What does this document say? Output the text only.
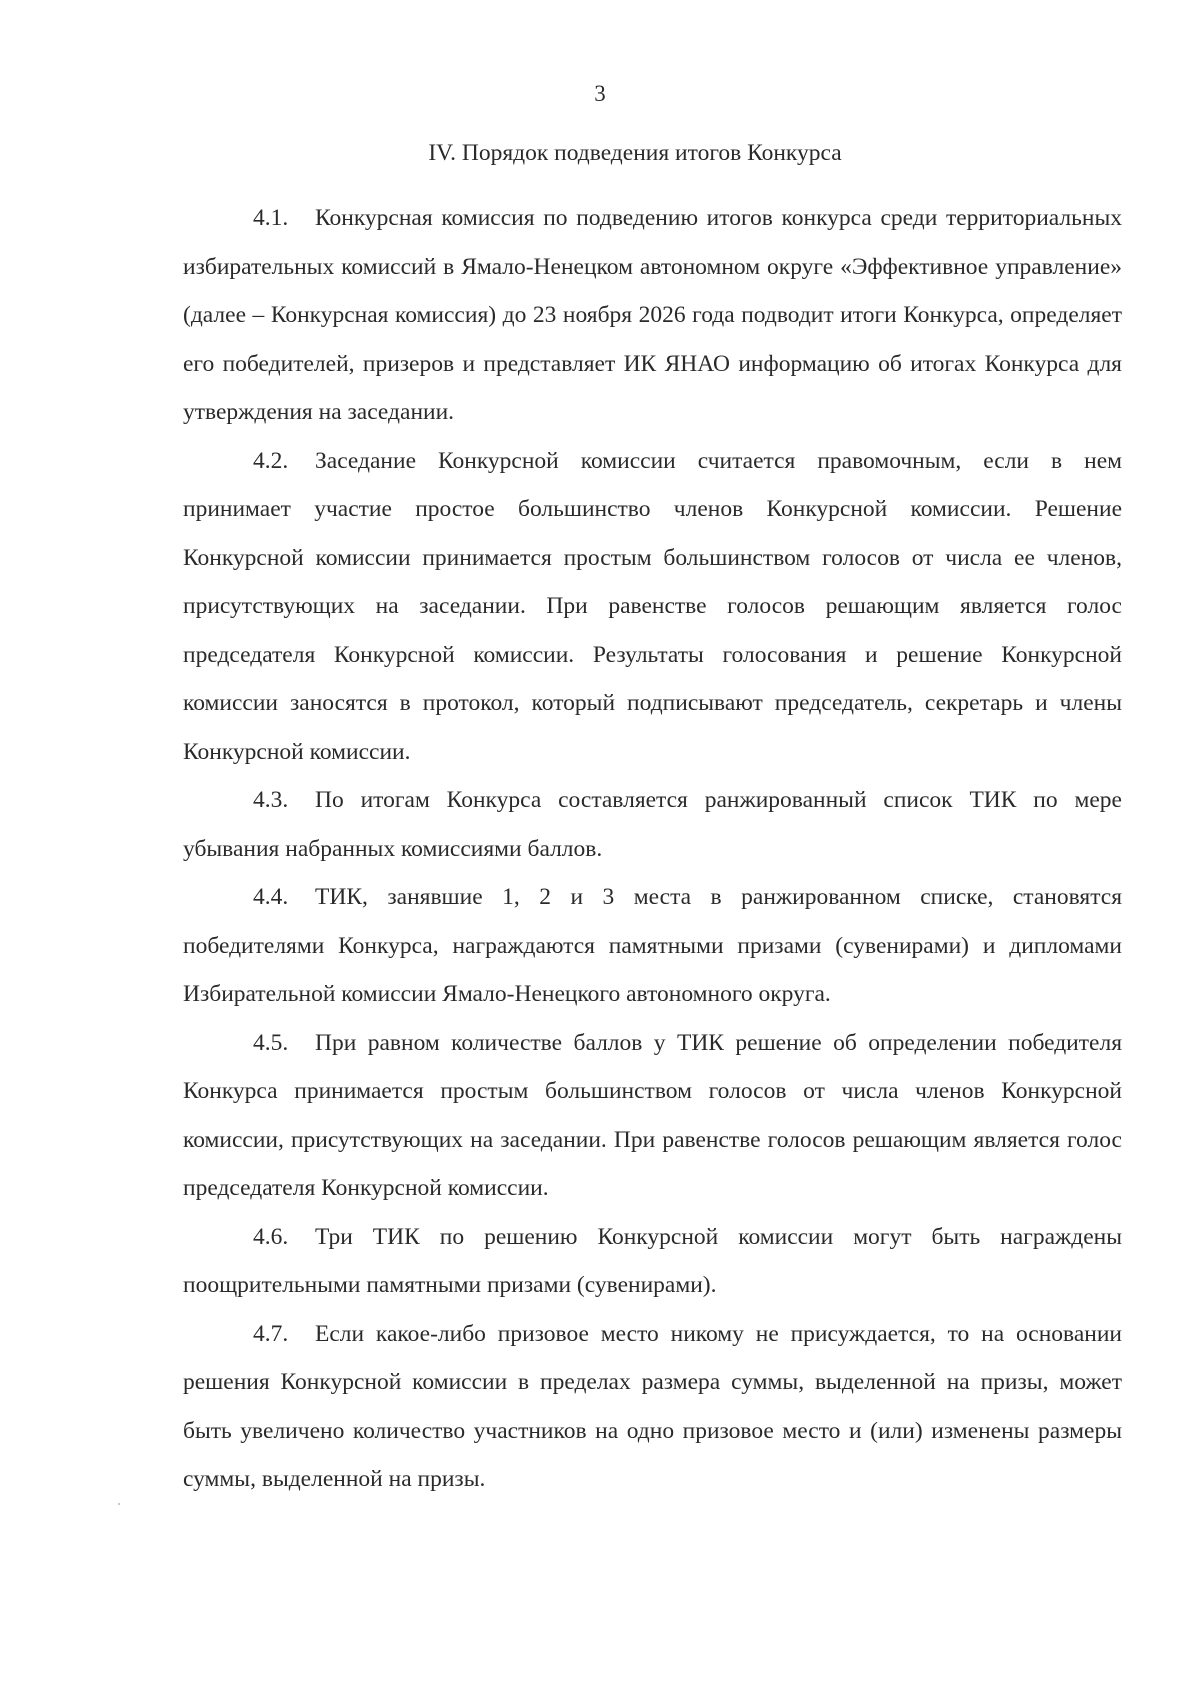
3
IV. Порядок подведения итогов Конкурса

4.1. Конкурсная комиссия по подведению итогов конкурса среди территориальных избирательных комиссий в Ямало-Ненецком автономном округе «Эффективное управление» (далее – Конкурсная комиссия) до 23 ноября 2026 года подводит итоги Конкурса, определяет его победителей, призеров и представляет ИК ЯНАО информацию об итогах Конкурса для утверждения на заседании.

4.2. Заседание Конкурсной комиссии считается правомочным, если в нем принимает участие простое большинство членов Конкурсной комиссии. Решение Конкурсной комиссии принимается простым большинством голосов от числа ее членов, присутствующих на заседании. При равенстве голосов решающим является голос председателя Конкурсной комиссии. Результаты голосования и решение Конкурсной комиссии заносятся в протокол, который подписывают председатель, секретарь и члены Конкурсной комиссии.

4.3. По итогам Конкурса составляется ранжированный список ТИК по мере убывания набранных комиссиями баллов.

4.4. ТИК, занявшие 1, 2 и 3 места в ранжированном списке, становятся победителями Конкурса, награждаются памятными призами (сувенирами) и дипломами Избирательной комиссии Ямало-Ненецкого автономного округа.

4.5. При равном количестве баллов у ТИК решение об определении победителя Конкурса принимается простым большинством голосов от числа членов Конкурсной комиссии, присутствующих на заседании. При равенстве голосов решающим является голос председателя Конкурсной комиссии.

4.6. Три ТИК по решению Конкурсной комиссии могут быть награждены поощрительными памятными призами (сувенирами).

4.7. Если какое-либо призовое место никому не присуждается, то на основании решения Конкурсной комиссии в пределах размера суммы, выделенной на призы, может быть увеличено количество участников на одно призовое место и (или) изменены размеры суммы, выделенной на призы.
